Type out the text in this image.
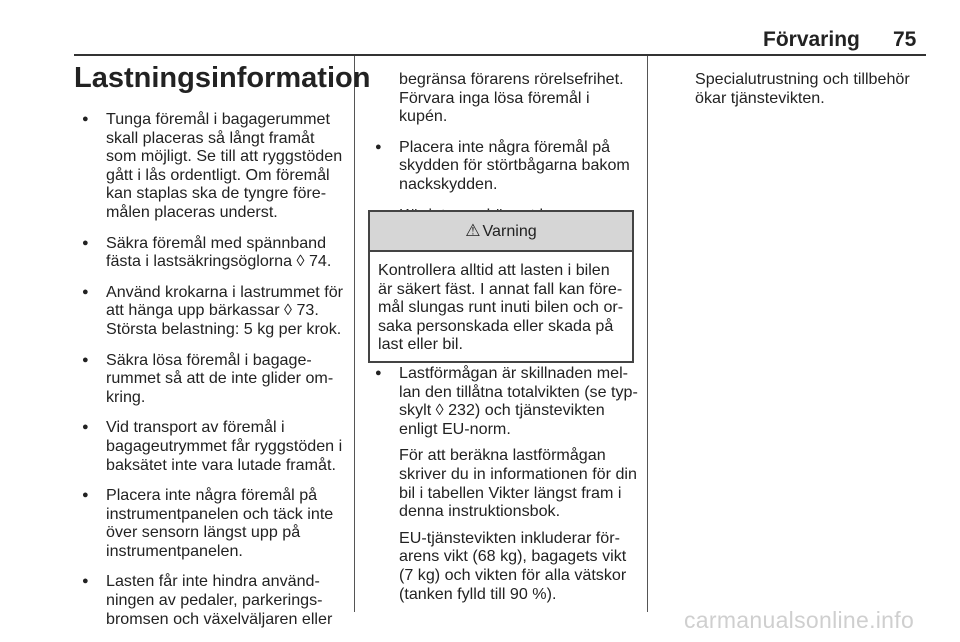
Förvaring 75
Lastningsinformation
● Tunga föremål i bagagerummet skall placeras så långt framåt som möjligt. Se till att ryggstöden gått i lås ordentligt. Om föremål kan staplas ska de tyngre före-målen placeras underst.
● Säkra föremål med spännband fästa i lastsäkringsöglorna ◊ 74.
● Använd krokarna i lastrummet för att hänga upp bärkassar ◊ 73. Största belastning: 5 kg per krok.
● Säkra lösa föremål i bagage-rummet så att de inte glider om-kring.
● Vid transport av föremål i bagageutrymmet får ryggstöden i baksätet inte vara lutade framåt.
● Placera inte några föremål på instrumentpanelen och täck inte över sensorn längst upp på instrumentpanelen.
● Lasten får inte hindra använd-ningen av pedaler, parkerings-bromsen och växelväljaren eller
begränsa förarens rörelsefrihet. Förvara inga lösa föremål i kupén.
● Placera inte några föremål på skydden för störtbågarna bakom nackskydden.
●
⚠ Varning
Kontrollera alltid att lasten i bilen är säkert fäst. I annat fall kan före-mål slungas runt inuti bilen och or-saka personskada eller skada på last eller bil.
● Lastförmågan är skillnaden mel-lan den tillåtna totalvikten (se typ-skylt ◊ 232) och tjänstevikten enligt EU-norm.

För att beräkna lastförmågan skriver du in informationen för din bil i tabellen Vikter längst fram i denna instruktionsbok.

EU-tjänstevikten inkluderar för-arens vikt (68 kg), bagagets vikt (7 kg) och vikten för alla vätskor (tanken fylld till 90 %).

Specialutrustning och tillbehör ökar tjänstevikten.
carmanualsonline.info
